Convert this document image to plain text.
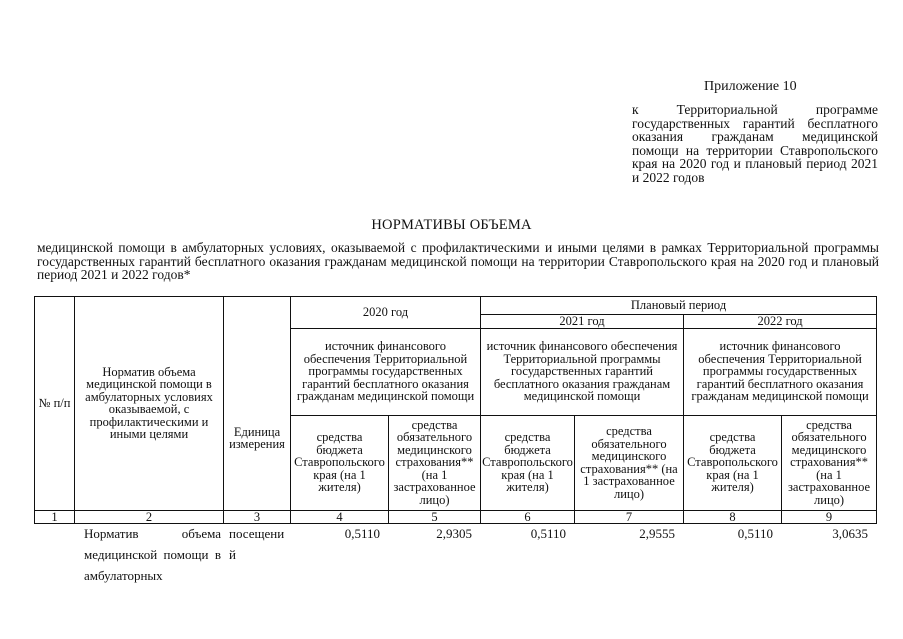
Приложение 10
к Территориальной программе государственных гарантий бесплатного оказания гражданам медицинской помощи на территории Ставропольского края на 2020 год и плановый период 2021 и 2022 годов
НОРМАТИВЫ ОБЪЕМА
медицинской помощи в амбулаторных условиях, оказываемой с профилактическими и иными целями в рамках Территориальной программы государственных гарантий бесплатного оказания гражданам медицинской помощи на территории Ставропольского края на 2020 год и плановый период 2021 и 2022 годов*
№ п/п	Норматив объема медицинской помощи в амбулаторных условиях оказываемой, с профилактическими и иными целями	Единица измерения	2020 год		Плановый период			
					2021 год		2022 год	
			источник финансового обеспечения Территориальной программы государственных гарантий бесплатного оказания гражданам медицинской помощи		источник финансового обеспечения Территориальной программы государственных гарантий бесплатного оказания гражданам медицинской помощи		источник финансового обеспечения Территориальной программы государственных гарантий бесплатного оказания гражданам медицинской помощи	
			средства бюджета Ставропольского края (на 1 жителя)	средства обязательного медицинского страхования** (на 1 застрахованное лицо)	средства бюджета Ставропольского края (на 1 жителя)	средства обязательного медицинского страхования** (на 1 застрахованное лицо)	средства бюджета Ставропольского края (на 1 жителя)	средства обязательного медицинского страхования** (на 1 застрахованное лицо)
1	2	3	4	5	6	7	8	9
	Норматив объема медицинской помощи в амбулаторных	посещений	0,5110	2,9305	0,5110	2,9555	0,5110	3,0635
